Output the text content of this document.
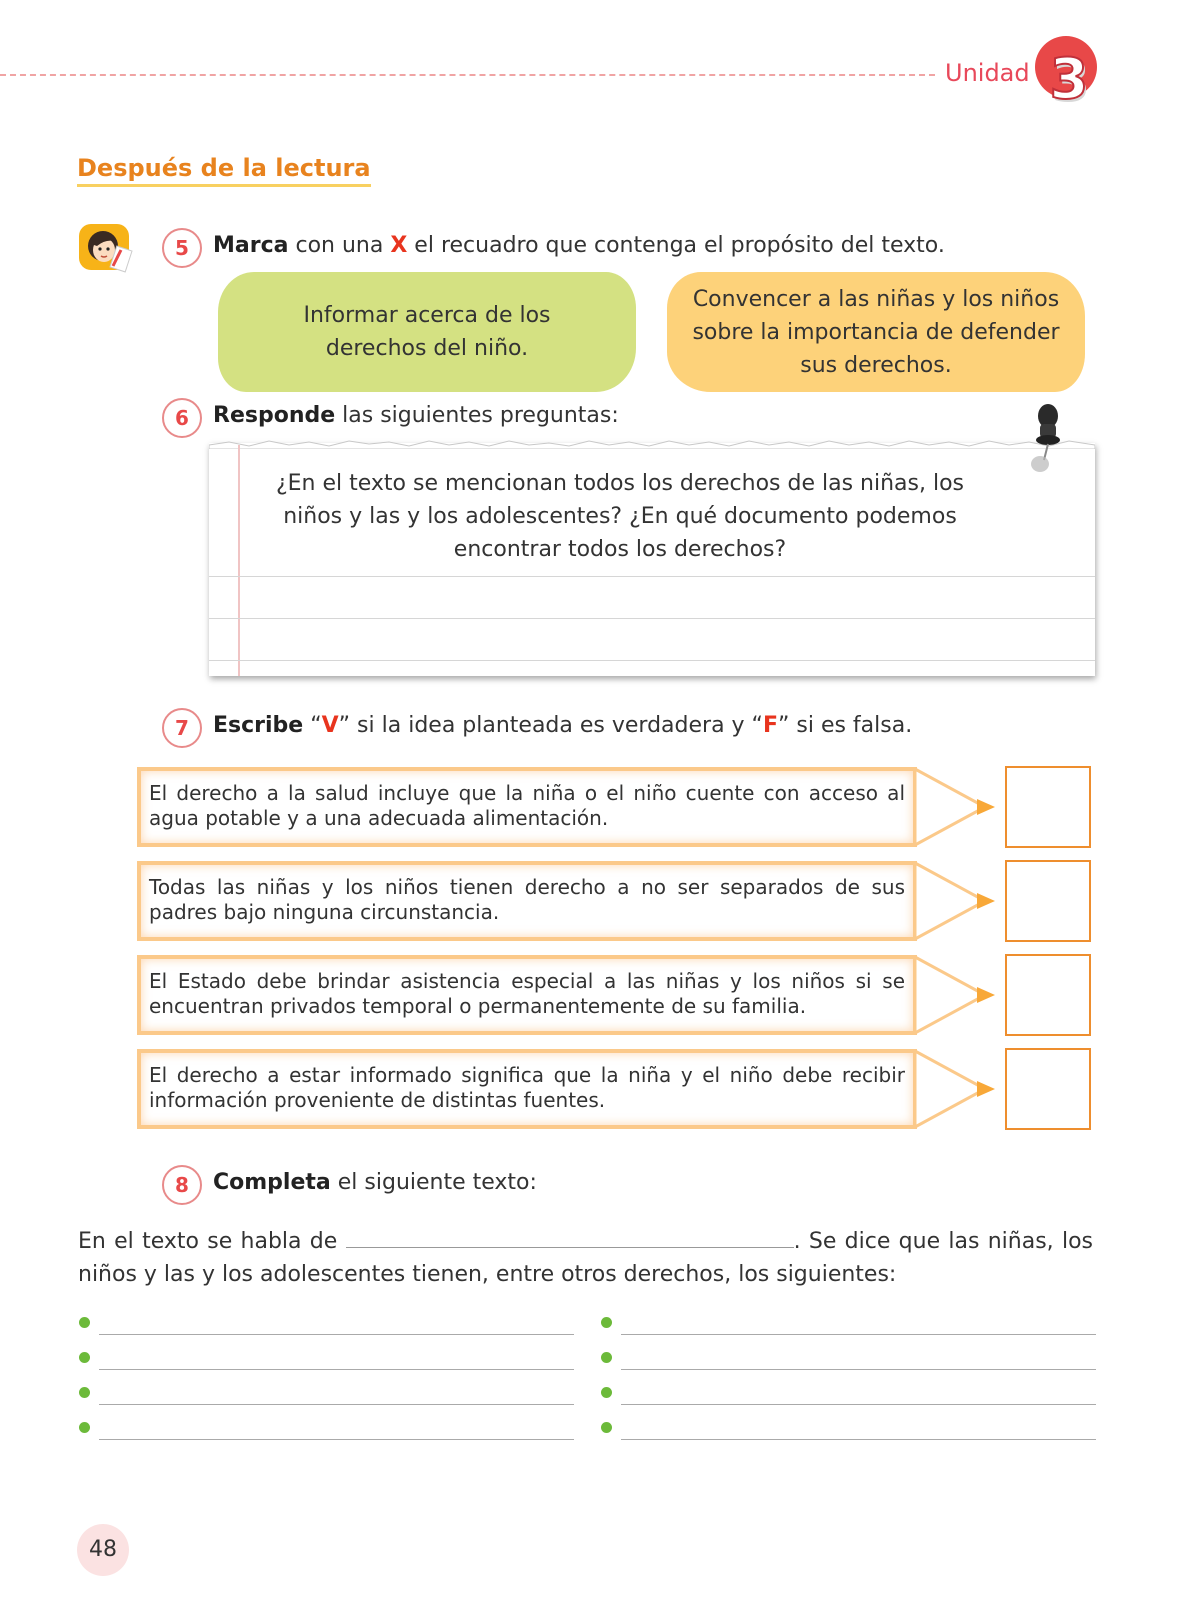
Unidad 3
Después de la lectura
5	Marca con una X el recuadro que contenga el propósito del texto.
Informar acerca de los derechos del niño.
Convencer a las niñas y los niños sobre la importancia de defender sus derechos.
6	Responde las siguientes preguntas:
¿En el texto se mencionan todos los derechos de las niñas, los niños y las y los adolescentes? ¿En qué documento podemos encontrar todos los derechos?
7	Escribe “V” si la idea planteada es verdadera y “F” si es falsa.
El derecho a la salud incluye que la niña o el niño cuente con acceso al agua potable y a una adecuada alimentación.
Todas las niñas y los niños tienen derecho a no ser separados de sus padres bajo ninguna circunstancia.
El Estado debe brindar asistencia especial a las niñas y los niños si se encuentran privados temporal o permanentemente de su familia.
El derecho a estar informado significa que la niña y el niño debe recibir información proveniente de distintas fuentes.
8	Completa el siguiente texto:
En el texto se habla de	. Se dice que las niñas, los niños y las y los adolescentes tienen, entre otros derechos, los siguientes:
48
